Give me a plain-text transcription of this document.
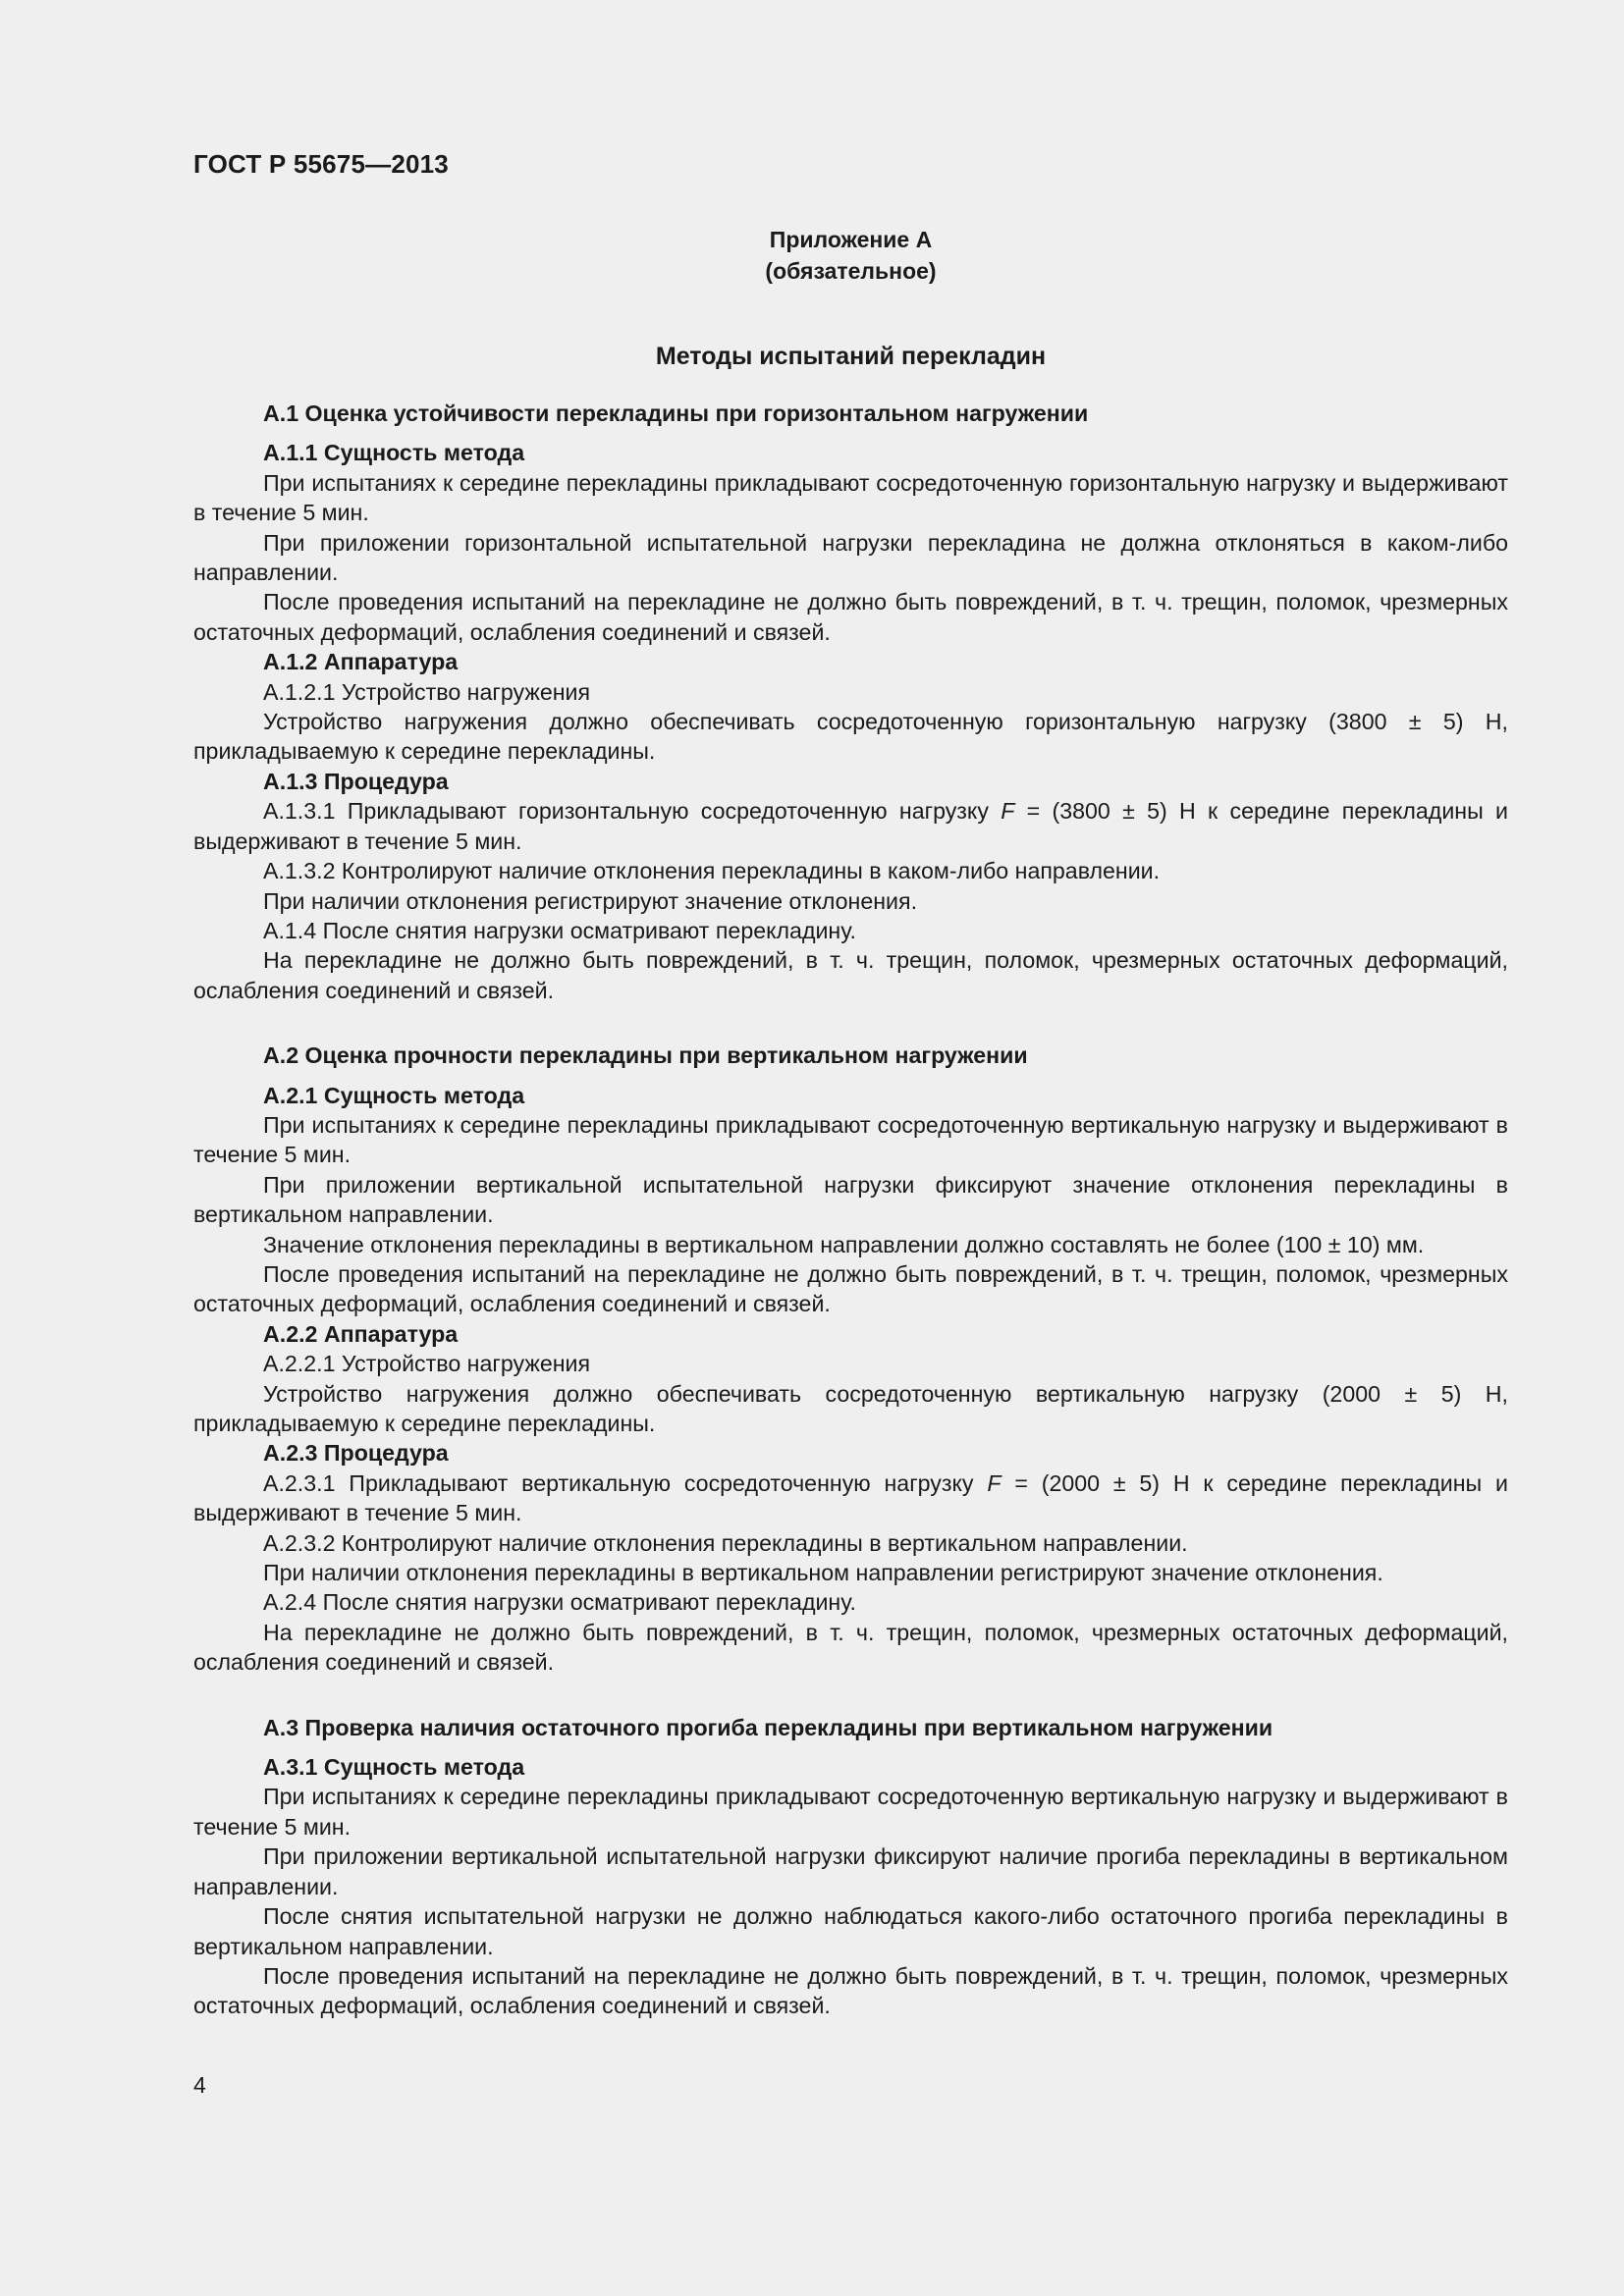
ГОСТ Р 55675—2013
Приложение А
(обязательное)
Методы испытаний перекладин
А.1 Оценка устойчивости перекладины при горизонтальном нагружении
А.1.1 Сущность метода

При испытаниях к середине перекладины прикладывают сосредоточенную горизонтальную нагрузку и выдерживают в течение 5 мин.

При приложении горизонтальной испытательной нагрузки перекладина не должна отклоняться в каком-либо направлении.

После проведения испытаний на перекладине не должно быть повреждений, в т. ч. трещин, поломок, чрезмерных остаточных деформаций, ослабления соединений и связей.

А.1.2 Аппаратура

А.1.2.1 Устройство нагружения

Устройство нагружения должно обеспечивать сосредоточенную горизонтальную нагрузку (3800 ± 5) Н, прикладываемую к середине перекладины.

А.1.3 Процедура

А.1.3.1 Прикладывают горизонтальную сосредоточенную нагрузку F = (3800 ± 5) Н к середине перекладины и выдерживают в течение 5 мин.

А.1.3.2 Контролируют наличие отклонения перекладины в каком-либо направлении.

При наличии отклонения регистрируют значение отклонения.

А.1.4 После снятия нагрузки осматривают перекладину.

На перекладине не должно быть повреждений, в т. ч. трещин, поломок, чрезмерных остаточных деформаций, ослабления соединений и связей.

А.2 Оценка прочности перекладины при вертикальном нагружении
А.2.1 Сущность метода

При испытаниях к середине перекладины прикладывают сосредоточенную вертикальную нагрузку и выдерживают в течение 5 мин.

При приложении вертикальной испытательной нагрузки фиксируют значение отклонения перекладины в вертикальном направлении.

Значение отклонения перекладины в вертикальном направлении должно составлять не более (100 ± 10) мм.

После проведения испытаний на перекладине не должно быть повреждений, в т. ч. трещин, поломок, чрезмерных остаточных деформаций, ослабления соединений и связей.

А.2.2 Аппаратура

А.2.2.1 Устройство нагружения

Устройство нагружения должно обеспечивать сосредоточенную вертикальную нагрузку (2000 ± 5) Н, прикладываемую к середине перекладины.

А.2.3 Процедура

А.2.3.1 Прикладывают вертикальную сосредоточенную нагрузку F = (2000 ± 5) Н к середине перекладины и выдерживают в течение 5 мин.

А.2.3.2 Контролируют наличие отклонения перекладины в вертикальном направлении.

При наличии отклонения перекладины в вертикальном направлении регистрируют значение отклонения.

А.2.4 После снятия нагрузки осматривают перекладину.

На перекладине не должно быть повреждений, в т. ч. трещин, поломок, чрезмерных остаточных деформаций, ослабления соединений и связей.

А.3 Проверка наличия остаточного прогиба перекладины при вертикальном нагружении
А.3.1 Сущность метода

При испытаниях к середине перекладины прикладывают сосредоточенную вертикальную нагрузку и выдерживают в течение 5 мин.

При приложении вертикальной испытательной нагрузки фиксируют наличие прогиба перекладины в вертикальном направлении.

После снятия испытательной нагрузки не должно наблюдаться какого-либо остаточного прогиба перекладины в вертикальном направлении.

После проведения испытаний на перекладине не должно быть повреждений, в т. ч. трещин, поломок, чрезмерных остаточных деформаций, ослабления соединений и связей.

4
